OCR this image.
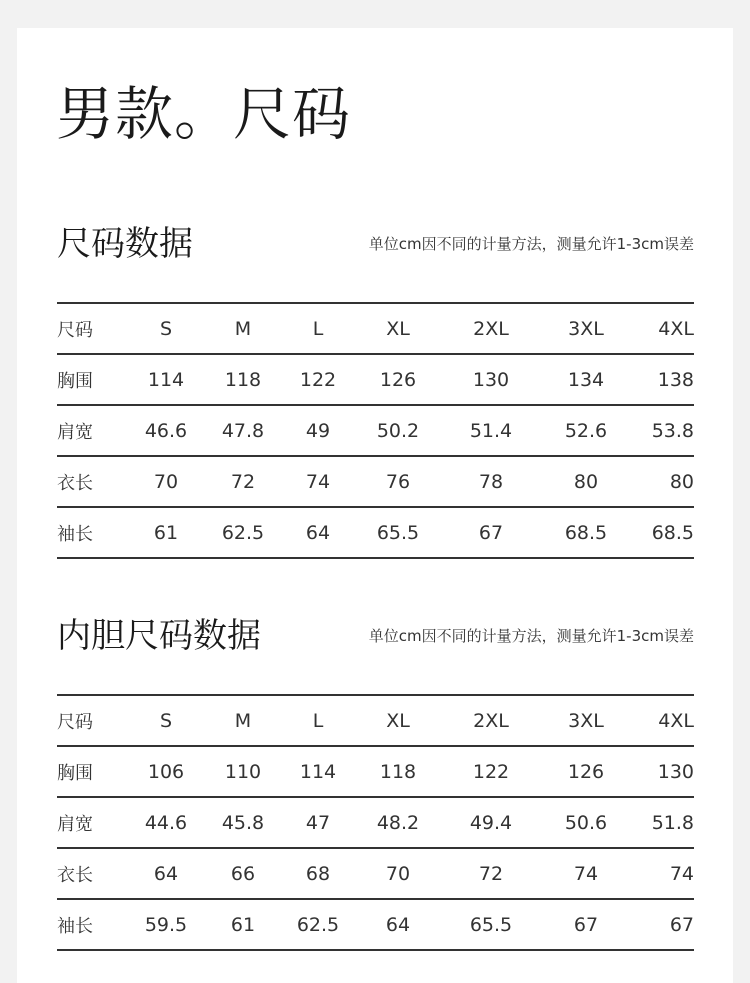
男款。尺码
尺码数据	单位cm因不同的计量方法，测量允许1-3cm误差
尺码	S	M	L	XL	2XL	3XL	4XL
胸围	114	118	122	126	130	134	138
肩宽	46.6	47.8	49	50.2	51.4	52.6	53.8
衣长	70	72	74	76	78	80	80
袖长	61	62.5	64	65.5	67	68.5	68.5
内胆尺码数据	单位cm因不同的计量方法，测量允许1-3cm误差
尺码	S	M	L	XL	2XL	3XL	4XL
胸围	106	110	114	118	122	126	130
肩宽	44.6	45.8	47	48.2	49.4	50.6	51.8
衣长	64	66	68	70	72	74	74
袖长	59.5	61	62.5	64	65.5	67	67
